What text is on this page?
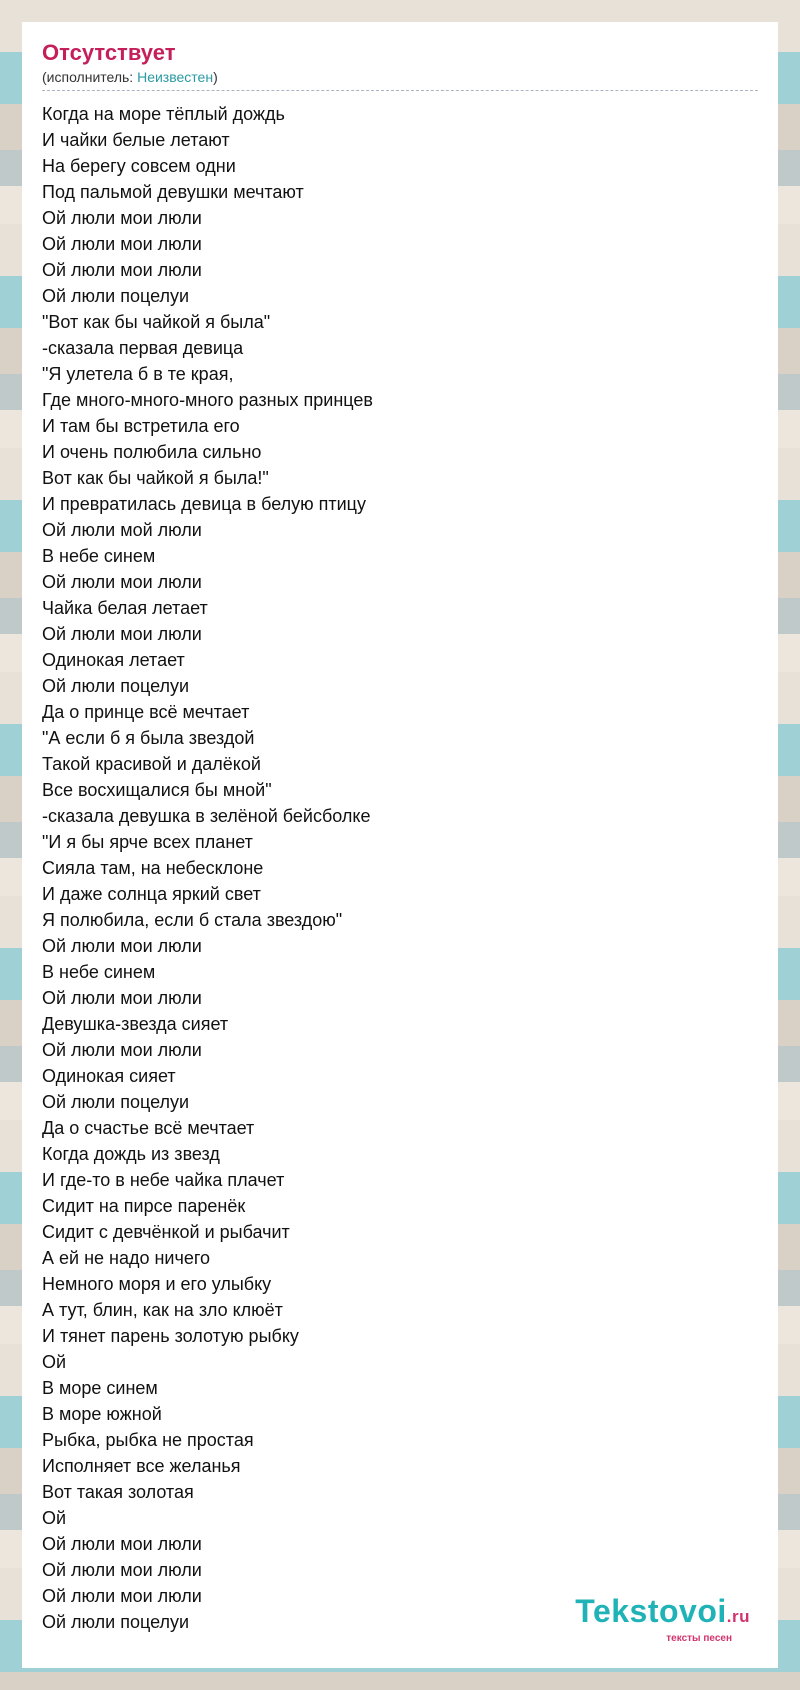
Отсутствует
(исполнитель: Неизвестен)
Когда на море тёплый дождь
И чайки белые летают
На берегу совсем одни
Под пальмой девушки мечтают
Ой люли мои люли
Ой люли мои люли
Ой люли мои люли
Ой люли поцелуи
"Вот как бы чайкой я была"
-сказала первая девица
"Я улетела б в те края,
Где много-много-много разных принцев
И там бы встретила его
И очень полюбила сильно
Вот как бы чайкой я была!"
И превратилась девица в белую птицу
Ой люли мой люли
В небе синем
Ой люли мои люли
Чайка белая летает
Ой люли мои люли
Одинокая летает
Ой люли поцелуи
Да о принце всё мечтает
"А если б я была звездой
Такой красивой и далёкой
Все восхищалися бы мной"
-сказала девушка в зелёной бейсболке
"И я бы ярче всех планет
Сияла там, на небесклоне
И даже солнца яркий свет
Я полюбила, если б стала звездою"
Ой люли мои люли
В небе синем
Ой люли мои люли
Девушка-звезда сияет
Ой люли мои люли
Одинокая сияет
Ой люли поцелуи
Да о счастье всё мечтает
Когда дождь из звезд
И где-то в небе чайка плачет
Сидит на пирсе паренёк
Сидит с девчёнкой и рыбачит
А ей не надо ничего
Немного моря и его улыбку
А тут, блин, как на зло клюёт
И тянет парень золотую рыбку
Ой
В море синем
В море южной
Рыбка, рыбка не простая
Исполняет все желанья
Вот такая золотая
Ой
Ой люли мои люли
Ой люли мои люли
Ой люли мои люли
Ой люли поцелуи	Tekstovoi.ru
тексты песен
